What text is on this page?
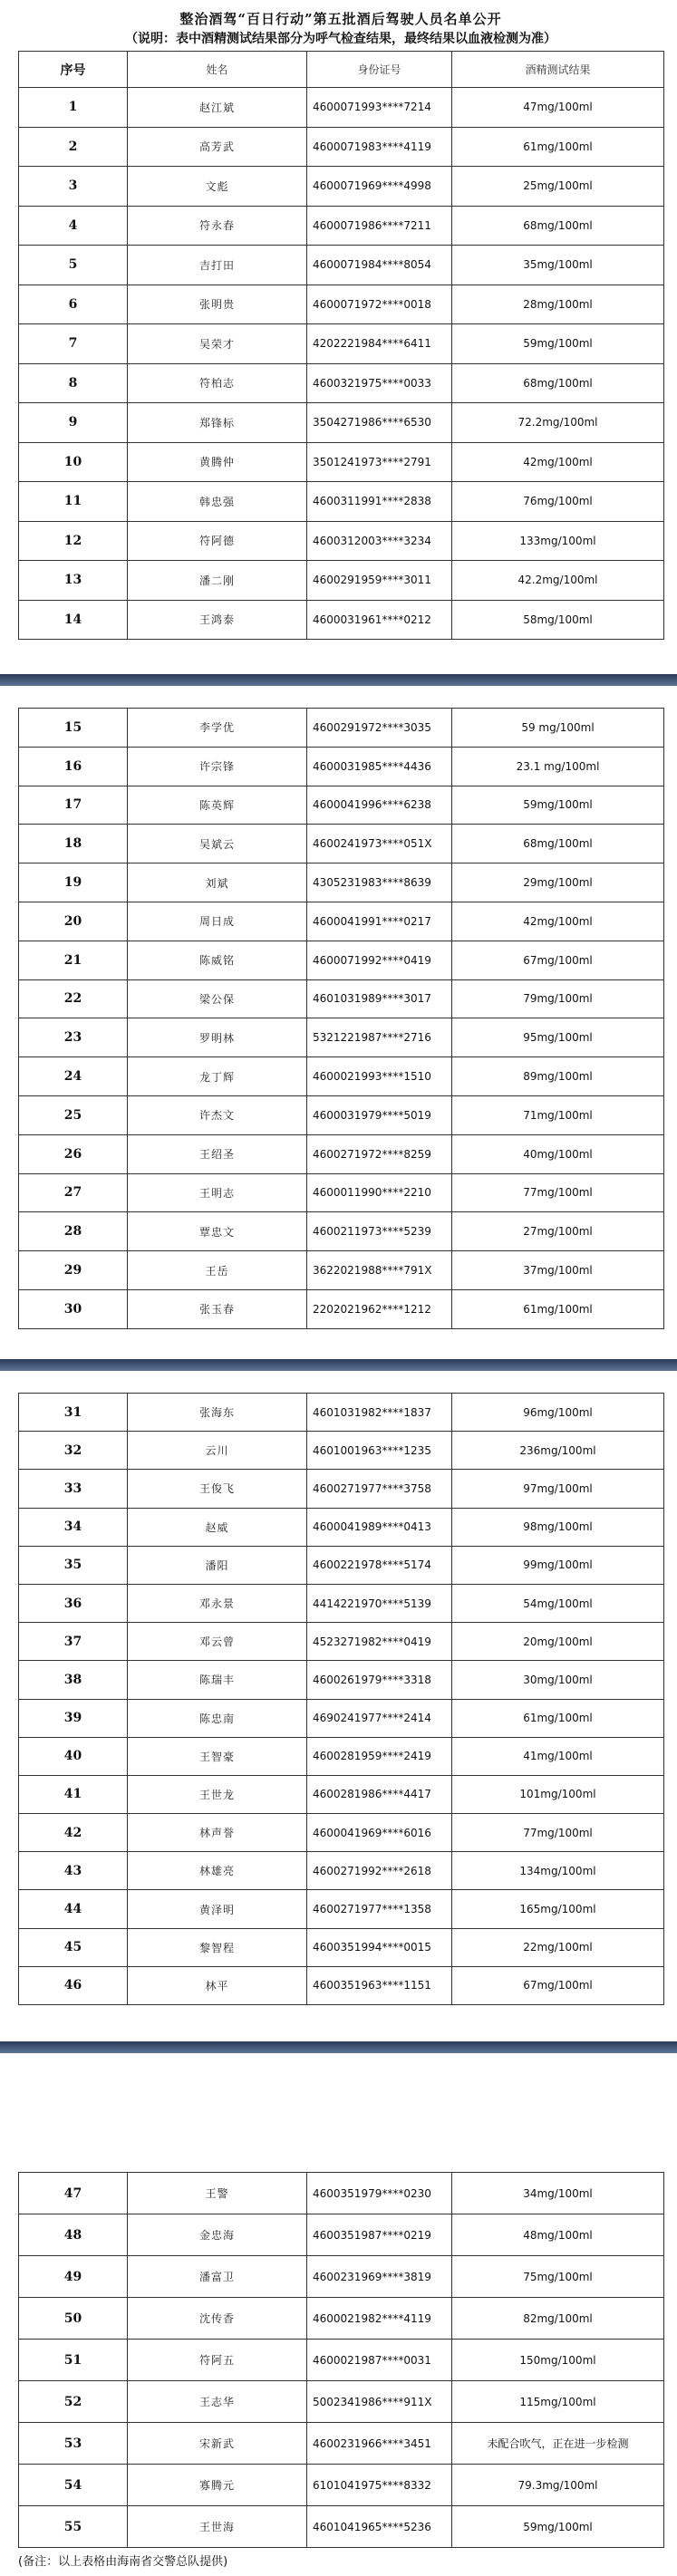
整治酒驾“百日行动”第五批酒后驾驶人员名单公开
（说明：表中酒精测试结果部分为呼气检查结果，最终结果以血液检测为准）
序号	姓名	身份证号	酒精测试结果
1	赵江斌	4600071993****7214	47mg/100ml
2	高芳武	4600071983****4119	61mg/100ml
3	文彪	4600071969****4998	25mg/100ml
4	符永春	4600071986****7211	68mg/100ml
5	吉打田	4600071984****8054	35mg/100ml
6	张明贵	4600071972****0018	28mg/100ml
7	吴荣才	4202221984****6411	59mg/100ml
8	符柏志	4600321975****0033	68mg/100ml
9	郑锋标	3504271986****6530	72.2mg/100ml
10	黄腾仲	3501241973****2791	42mg/100ml
11	韩忠强	4600311991****2838	76mg/100ml
12	符阿德	4600312003****3234	133mg/100ml
13	潘二刚	4600291959****3011	42.2mg/100ml
14	王鸿泰	4600031961****0212	58mg/100ml
15	李学优	4600291972****3035	59 mg/100ml
16	许宗锋	4600031985****4436	23.1 mg/100ml
17	陈英辉	4600041996****6238	59mg/100ml
18	吴斌云	4600241973****051X	68mg/100ml
19	刘斌	4305231983****8639	29mg/100ml
20	周日成	4600041991****0217	42mg/100ml
21	陈威铭	4600071992****0419	67mg/100ml
22	梁公保	4601031989****3017	79mg/100ml
23	罗明林	5321221987****2716	95mg/100ml
24	龙丁辉	4600021993****1510	89mg/100ml
25	许杰文	4600031979****5019	71mg/100ml
26	王绍圣	4600271972****8259	40mg/100ml
27	王明志	4600011990****2210	77mg/100ml
28	覃忠文	4600211973****5239	27mg/100ml
29	王岳	3622021988****791X	37mg/100ml
30	张玉春	2202021962****1212	61mg/100ml
31	张海东	4601031982****1837	96mg/100ml
32	云川	4601001963****1235	236mg/100ml
33	王俊飞	4600271977****3758	97mg/100ml
34	赵威	4600041989****0413	98mg/100ml
35	潘阳	4600221978****5174	99mg/100ml
36	邓永景	4414221970****5139	54mg/100ml
37	邓云曾	4523271982****0419	20mg/100ml
38	陈瑞丰	4600261979****3318	30mg/100ml
39	陈忠南	4690241977****2414	61mg/100ml
40	王智豪	4600281959****2419	41mg/100ml
41	王世龙	4600281986****4417	101mg/100ml
42	林声誉	4600041969****6016	77mg/100ml
43	林雄亮	4600271992****2618	134mg/100ml
44	黄泽明	4600271977****1358	165mg/100ml
45	黎智程	4600351994****0015	22mg/100ml
46	林平	4600351963****1151	67mg/100ml
47	王警	4600351979****0230	34mg/100ml
48	金忠海	4600351987****0219	48mg/100ml
49	潘富卫	4600231969****3819	75mg/100ml
50	沈传香	4600021982****4119	82mg/100ml
51	符阿五	4600021987****0031	150mg/100ml
52	王志华	5002341986****911X	115mg/100ml
53	宋新武	4600231966****3451	未配合吹气，正在进一步检测
54	寡腾元	6101041975****8332	79.3mg/100ml
55	王世海	4601041965****5236	59mg/100ml
(备注：以上表格由海南省交警总队提供)
